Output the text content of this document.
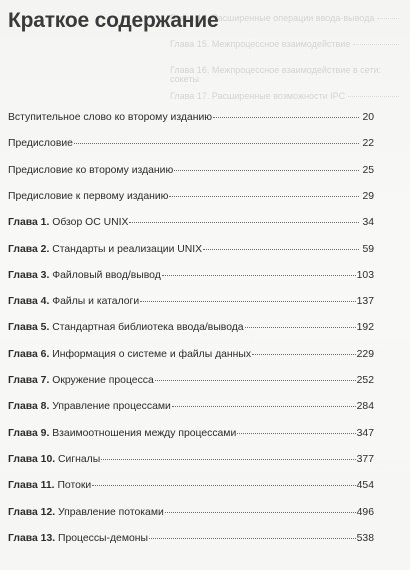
Глава 14. Расширенные операции ввода-вывода
Глава 15. Межпроцессное взаимодействие
Глава 16. Межпроцессное взаимодействие в сети: сокеты
Глава 17. Расширенные возможности IPC
Краткое содержание
Вступительное слово ко второму изданию	20
Предисловие	22
Предисловие ко второму изданию	25
Предисловие к первому изданию	29
Глава 1. Обзор ОС UNIX	34
Глава 2. Стандарты и реализации UNIX	59
Глава 3. Файловый ввод/вывод	103
Глава 4. Файлы и каталоги	137
Глава 5. Стандартная библиотека ввода/вывода	192
Глава 6. Информация о системе и файлы данных	229
Глава 7. Окружение процесса	252
Глава 8. Управление процессами	284
Глава 9. Взаимоотношения между процессами	347
Глава 10. Сигналы	377
Глава 11. Потоки	454
Глава 12. Управление потоками	496
Глава 13. Процессы-демоны	538
